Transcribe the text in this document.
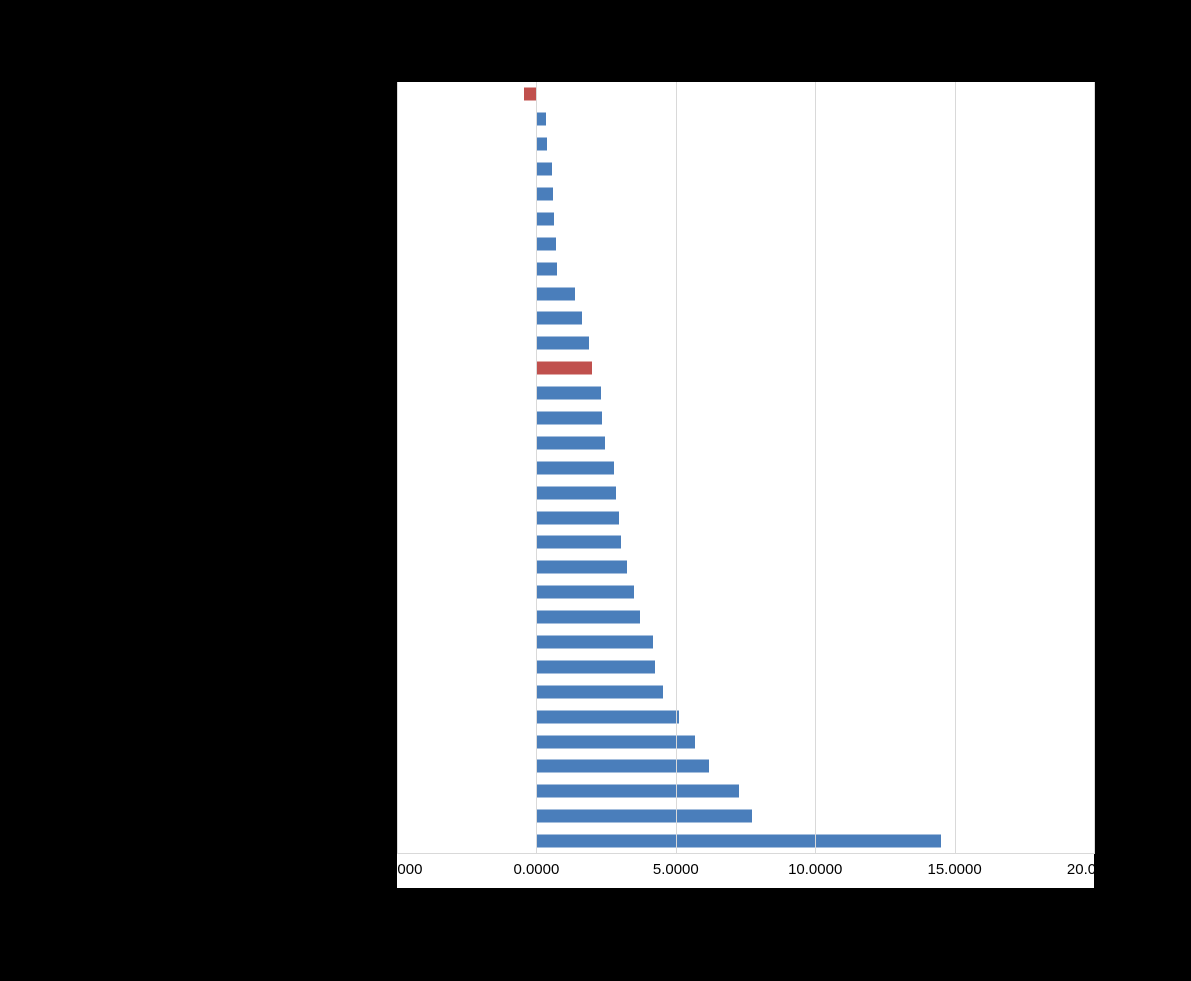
证券II(中信)
有色金属(中信)
非银行金融(中信)
房地产(中信)
商贸零售(中信)
家电(中信)
交通运输(中信)
食品饮料(中信)
电力及公用事业(中信)
建筑(中信)
煤炭(中信)
沪深300
医药(中信)
基础化工(中信)
石油石化(中信)
钢铁(中信)
综合(中信)
建材(中信)
纺织服装(中信)
机械(中信)
餐饮旅游(中信)
汽车(中信)
银行(中信)
电子元器件(中信)
电力设备(中信)
通信(中信)
轻工制造(中信)
计算机(中信)
农林牧渔(中信)
国防军工(中信)
传媒(中信)
-5.0000	0.0000	5.0000	10.0000	15.0000	20.0000
